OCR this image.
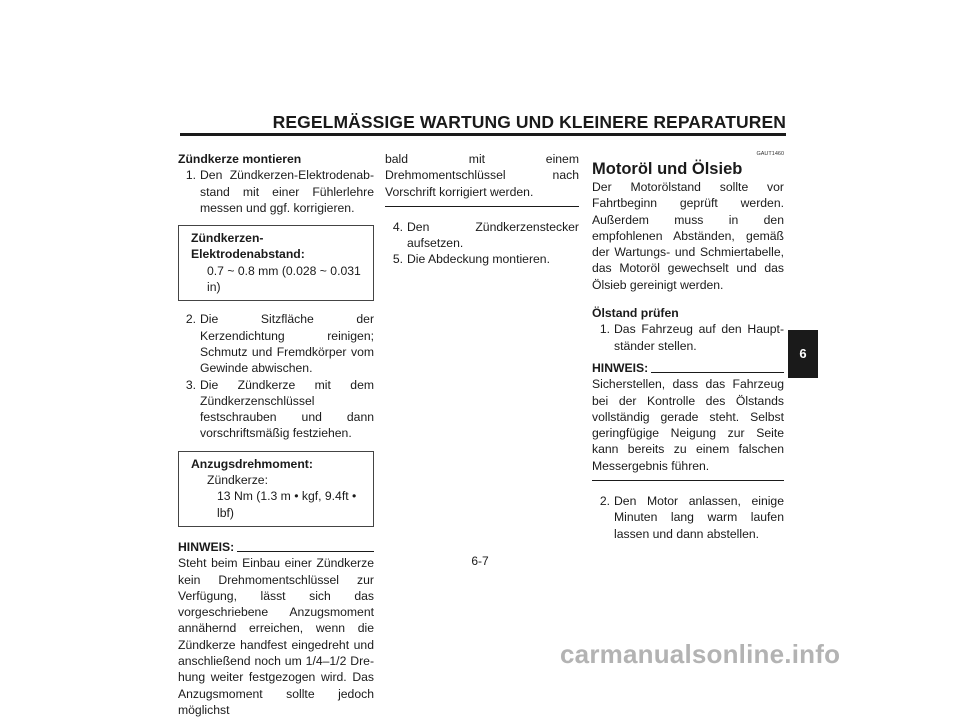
REGELMÄSSIGE WARTUNG UND KLEINERE REPARATUREN
Zündkerze montieren
1. Den Zündkerzen-Elektrodenabstand mit einer Fühlerlehre messen und ggf. korrigieren.
Zündkerzen-Elektrodenabstand:
0.7 ~ 0.8 mm (0.028 ~ 0.031 in)
2. Die Sitzfläche der Kerzendichtung reinigen; Schmutz und Fremdkörper vom Gewinde abwischen.
3. Die Zündkerze mit dem Zündkerzenschlüssel festschrauben und dann vorschriftsmäßig festziehen.
Anzugsdrehmoment:
Zündkerze:
13 Nm (1.3 m • kgf, 9.4ft • lbf)
HINWEIS:
Steht beim Einbau einer Zündkerze kein Drehmomentschlüssel zur Verfügung, lässt sich das vorgeschriebene Anzugsmoment annähernd erreichen, wenn die Zündkerze handfest eingedreht und anschließend noch um 1/4–1/2 Drehung weiter festgezogen wird. Das Anzugsmoment sollte jedoch möglichst
bald mit einem Drehmomentschlüssel nach Vorschrift korrigiert werden.
4. Den Zündkerzenstecker aufsetzen.
5. Die Abdeckung montieren.
GAUT1460
Motoröl und Ölsieb
Der Motorölstand sollte vor Fahrtbeginn geprüft werden. Außerdem muss in den empfohlenen Abständen, gemäß der Wartungs- und Schmiertabelle, das Motoröl gewechselt und das Ölsieb gereinigt werden.
Ölstand prüfen
1. Das Fahrzeug auf den Hauptständer stellen.
HINWEIS:
Sicherstellen, dass das Fahrzeug bei der Kontrolle des Ölstands vollständig gerade steht. Selbst geringfügige Neigung zur Seite kann bereits zu einem falschen Messergebnis führen.
2. Den Motor anlassen, einige Minuten lang warm laufen lassen und dann abstellen.
6
6-7
carmanualsonline.info
